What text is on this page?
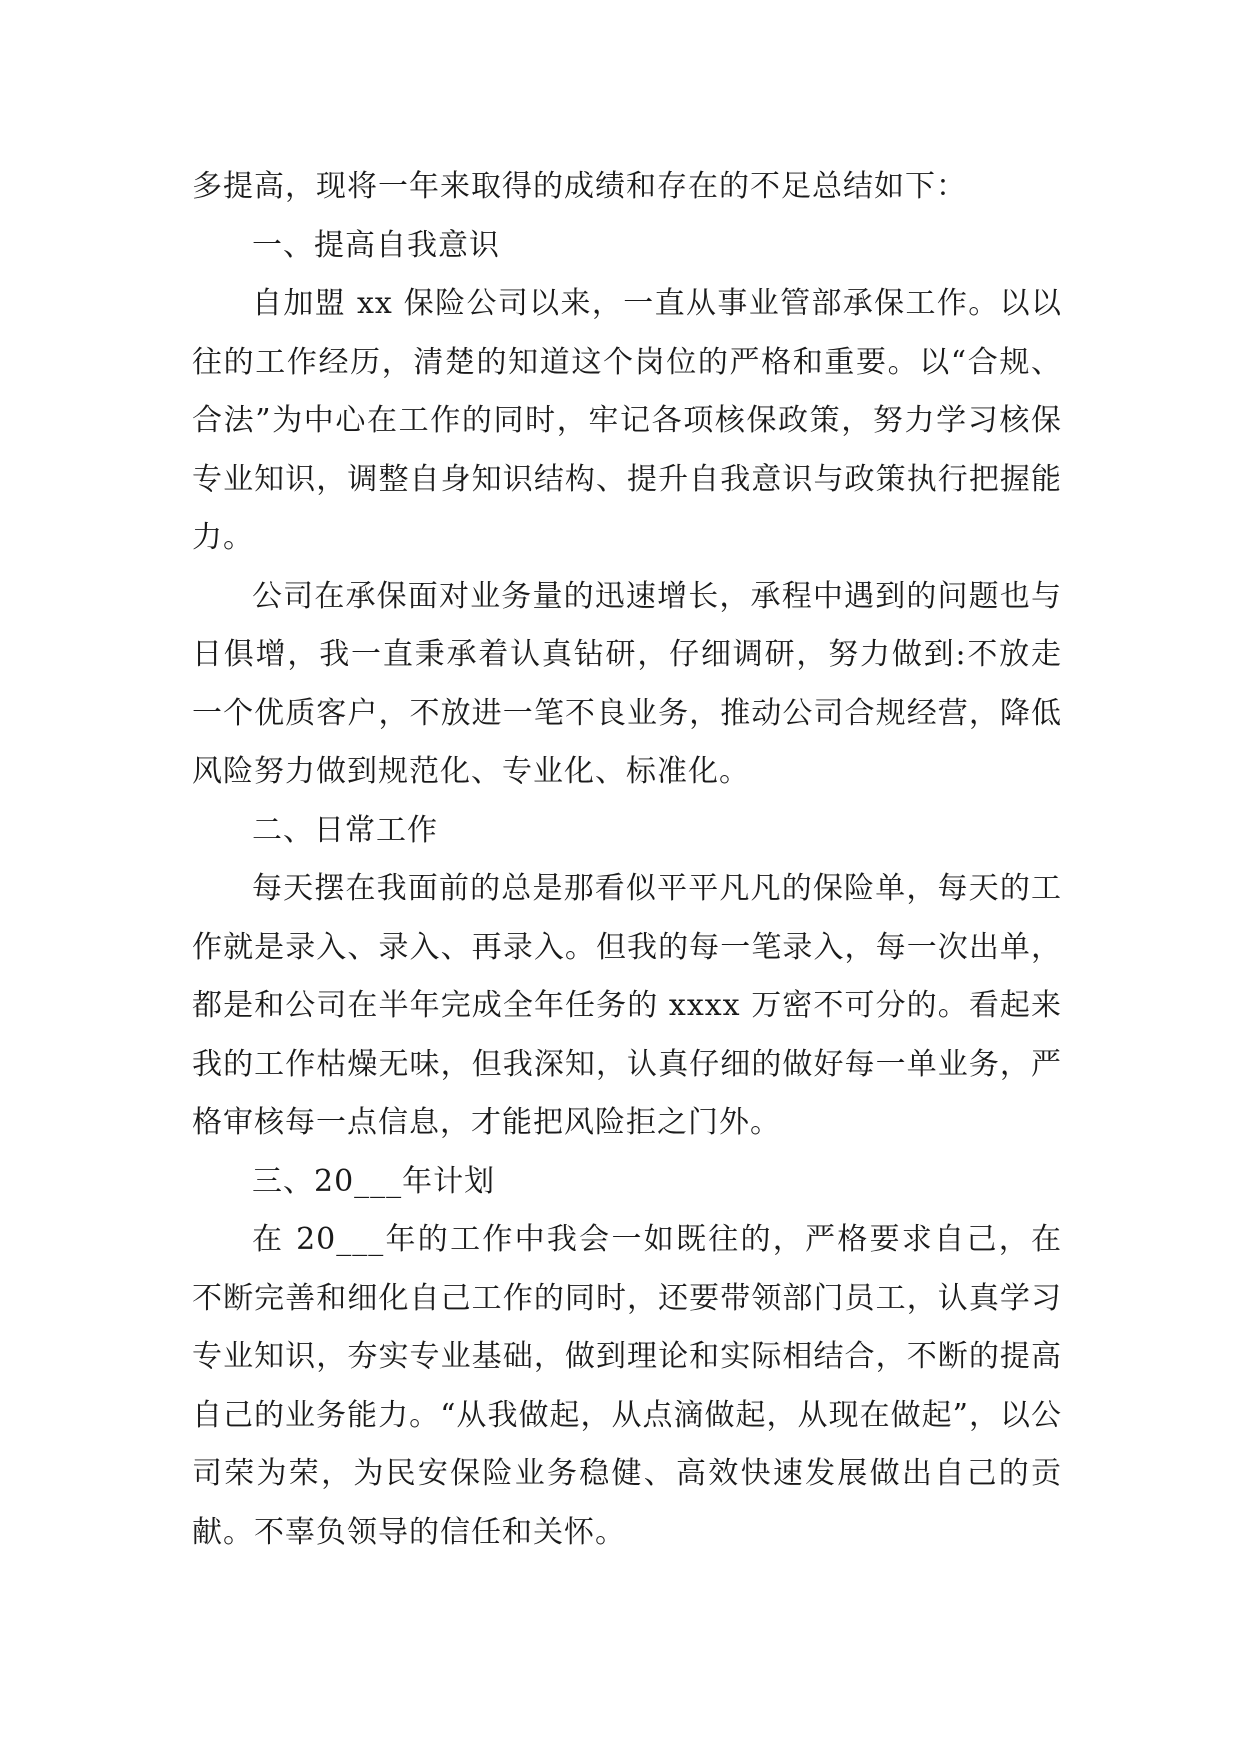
多提高，现将一年来取得的成绩和存在的不足总结如下：

一、提高自我意识

自加盟 xx 保险公司以来，一直从事业管部承保工作。以以往的工作经历，清楚的知道这个岗位的严格和重要。以“合规、合法”为中心在工作的同时，牢记各项核保政策，努力学习核保专业知识，调整自身知识结构、提升自我意识与政策执行把握能力。

公司在承保面对业务量的迅速增长，承程中遇到的问题也与日俱增，我一直秉承着认真钻研，仔细调研，努力做到:不放走一个优质客户，不放进一笔不良业务，推动公司合规经营，降低风险努力做到规范化、专业化、标准化。

二、日常工作

每天摆在我面前的总是那看似平平凡凡的保险单，每天的工作就是录入、录入、再录入。但我的每一笔录入，每一次出单，都是和公司在半年完成全年任务的 xxxx 万密不可分的。看起来我的工作枯燥无味，但我深知，认真仔细的做好每一单业务，严格审核每一点信息，才能把风险拒之门外。

三、20___年计划

在 20___年的工作中我会一如既往的，严格要求自己，在不断完善和细化自己工作的同时，还要带领部门员工，认真学习专业知识，夯实专业基础，做到理论和实际相结合，不断的提高自己的业务能力。“从我做起，从点滴做起，从现在做起”，以公司荣为荣，为民安保险业务稳健、高效快速发展做出自己的贡献。不辜负领导的信任和关怀。
